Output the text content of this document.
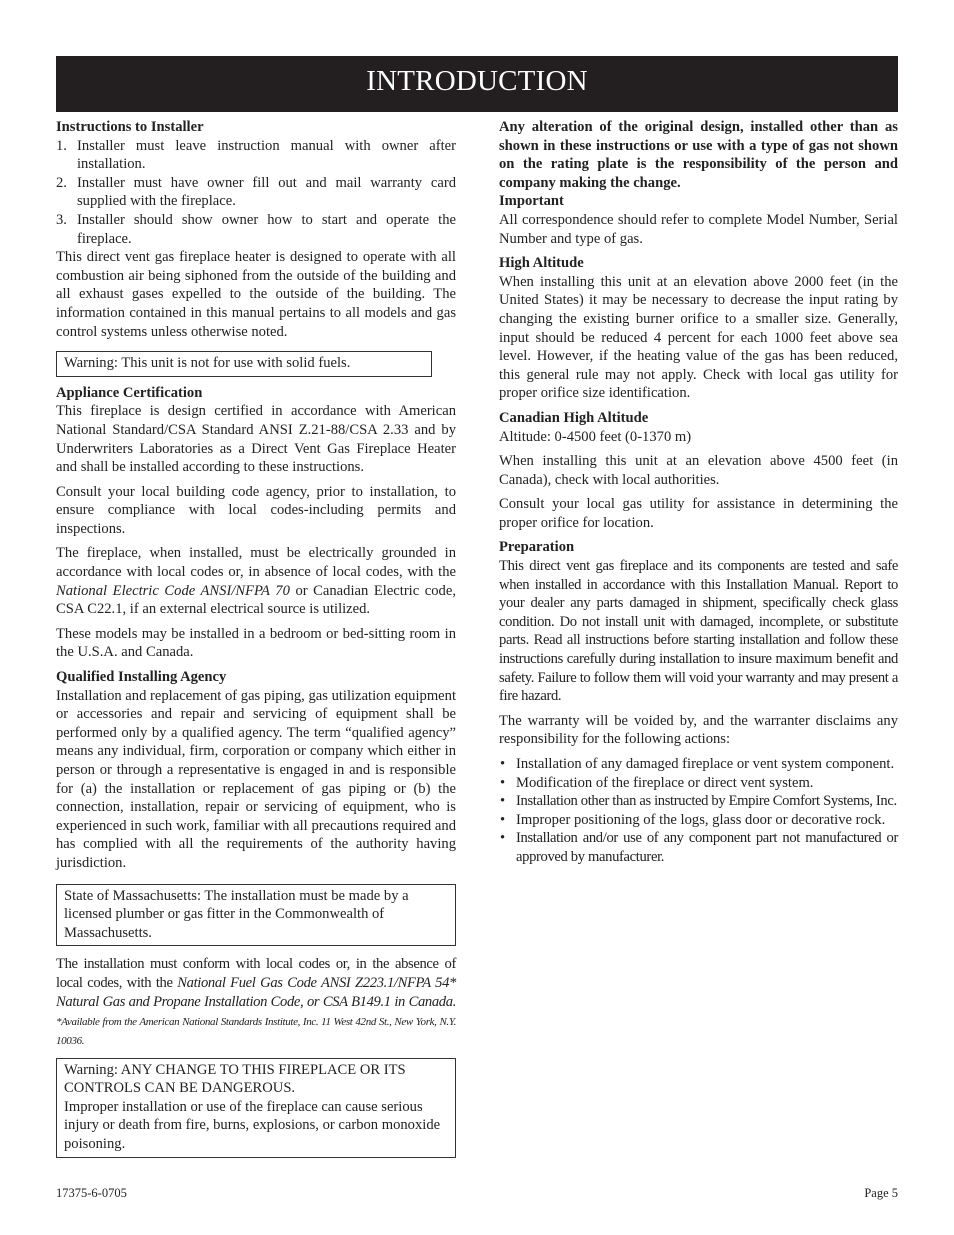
INTRODUCTION
Instructions to Installer
1. Installer must leave instruction manual with owner after installation.
2. Installer must have owner fill out and mail warranty card supplied with the fireplace.
3. Installer should show owner how to start and operate the fireplace.

This direct vent gas fireplace heater is designed to operate with all combustion air being siphoned from the outside of the building and all exhaust gases expelled to the outside of the building. The information contained in this manual pertains to all models and gas control systems unless otherwise noted.

Warning: This unit is not for use with solid fuels.
Appliance Certification

This fireplace is design certified in accordance with American National Standard/CSA Standard ANSI Z.21-88/CSA 2.33 and by Underwriters Laboratories as a Direct Vent Gas Fireplace Heater and shall be installed according to these instructions.

Consult your local building code agency, prior to installation, to ensure compliance with local codes-including permits and inspections.

The fireplace, when installed, must be electrically grounded in accordance with local codes or, in absence of local codes, with the National Electric Code ANSI/NFPA 70 or Canadian Electric code, CSA C22.1, if an external electrical source is utilized.

These models may be installed in a bedroom or bed-sitting room in the U.S.A. and Canada.

Qualified Installing Agency

Installation and replacement of gas piping, gas utilization equipment or accessories and repair and servicing of equipment shall be performed only by a qualified agency. The term “qualified agency” means any individual, firm, corporation or company which either in person or through a representative is engaged in and is responsible for (a) the installation or replacement of gas piping or (b) the connection, installation, repair or servicing of equipment, who is experienced in such work, familiar with all precautions required and has complied with all the requirements of the authority having jurisdiction.

State of Massachusetts: The installation must be made by a licensed plumber or gas fitter in the Commonwealth of Massachusetts.

The installation must conform with local codes or, in the absence of local codes, with the National Fuel Gas Code ANSI Z223.1/NFPA 54* Natural Gas and Propane Installation Code, or CSA B149.1 in Canada. *Available from the American National Standards Institute, Inc. 11 West 42nd St., New York, N.Y. 10036.

Warning: ANY CHANGE TO THIS FIREPLACE OR ITS CONTROLS CAN BE DANGEROUS.
Improper installation or use of the fireplace can cause serious injury or death from fire, burns, explosions, or carbon monoxide poisoning.

Any alteration of the original design, installed other than as shown in these instructions or use with a type of gas not shown on the rating plate is the responsibility of the person and company making the change.

Important

All correspondence should refer to complete Model Number, Serial Number and type of gas.

High Altitude

When installing this unit at an elevation above 2000 feet (in the United States) it may be necessary to decrease the input rating by changing the existing burner orifice to a smaller size. Generally, input should be reduced 4 percent for each 1000 feet above sea level. However, if the heating value of the gas has been reduced, this general rule may not apply. Check with local gas utility for proper orifice size identification.

Canadian High Altitude

Altitude: 0-4500 feet (0-1370 m)

When installing this unit at an elevation above 4500 feet (in Canada), check with local authorities.

Consult your local gas utility for assistance in determining the proper orifice for location.

Preparation

This direct vent gas fireplace and its components are tested and safe when installed in accordance with this Installation Manual. Report to your dealer any parts damaged in shipment, specifically check glass condition. Do not install unit with damaged, incomplete, or substitute parts. Read all instructions before starting installation and follow these instructions carefully during installation to insure maximum benefit and safety. Failure to follow them will void your warranty and may present a fire hazard.

The warranty will be voided by, and the warranter disclaims any responsibility for the following actions:

• Installation of any damaged fireplace or vent system component.
• Modification of the fireplace or direct vent system.
• Installation other than as instructed by Empire Comfort Systems, Inc.
• Improper positioning of the logs, glass door or decorative rock.
• Installation and/or use of any component part not manufactured or approved by manufacturer.
17375-6-0705	Page 5
